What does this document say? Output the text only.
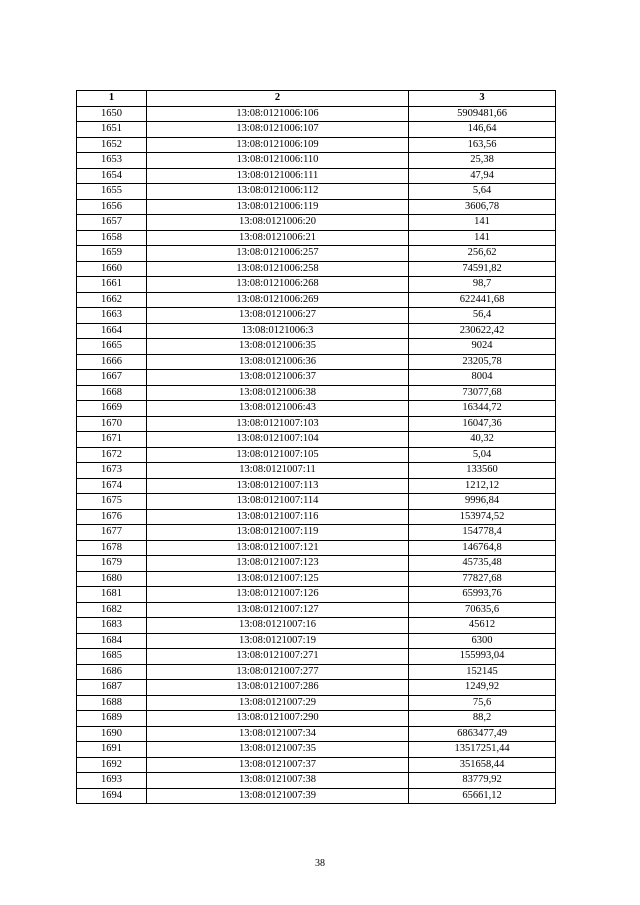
1	2	3
1650	13:08:0121006:106	5909481,66
1651	13:08:0121006:107	146,64
1652	13:08:0121006:109	163,56
1653	13:08:0121006:110	25,38
1654	13:08:0121006:111	47,94
1655	13:08:0121006:112	5,64
1656	13:08:0121006:119	3606,78
1657	13:08:0121006:20	141
1658	13:08:0121006:21	141
1659	13:08:0121006:257	256,62
1660	13:08:0121006:258	74591,82
1661	13:08:0121006:268	98,7
1662	13:08:0121006:269	622441,68
1663	13:08:0121006:27	56,4
1664	13:08:0121006:3	230622,42
1665	13:08:0121006:35	9024
1666	13:08:0121006:36	23205,78
1667	13:08:0121006:37	8004
1668	13:08:0121006:38	73077,68
1669	13:08:0121006:43	16344,72
1670	13:08:0121007:103	16047,36
1671	13:08:0121007:104	40,32
1672	13:08:0121007:105	5,04
1673	13:08:0121007:11	133560
1674	13:08:0121007:113	1212,12
1675	13:08:0121007:114	9996,84
1676	13:08:0121007:116	153974,52
1677	13:08:0121007:119	154778,4
1678	13:08:0121007:121	146764,8
1679	13:08:0121007:123	45735,48
1680	13:08:0121007:125	77827,68
1681	13:08:0121007:126	65993,76
1682	13:08:0121007:127	70635,6
1683	13:08:0121007:16	45612
1684	13:08:0121007:19	6300
1685	13:08:0121007:271	155993,04
1686	13:08:0121007:277	152145
1687	13:08:0121007:286	1249,92
1688	13:08:0121007:29	75,6
1689	13:08:0121007:290	88,2
1690	13:08:0121007:34	6863477,49
1691	13:08:0121007:35	13517251,44
1692	13:08:0121007:37	351658,44
1693	13:08:0121007:38	83779,92
1694	13:08:0121007:39	65661,12
38
